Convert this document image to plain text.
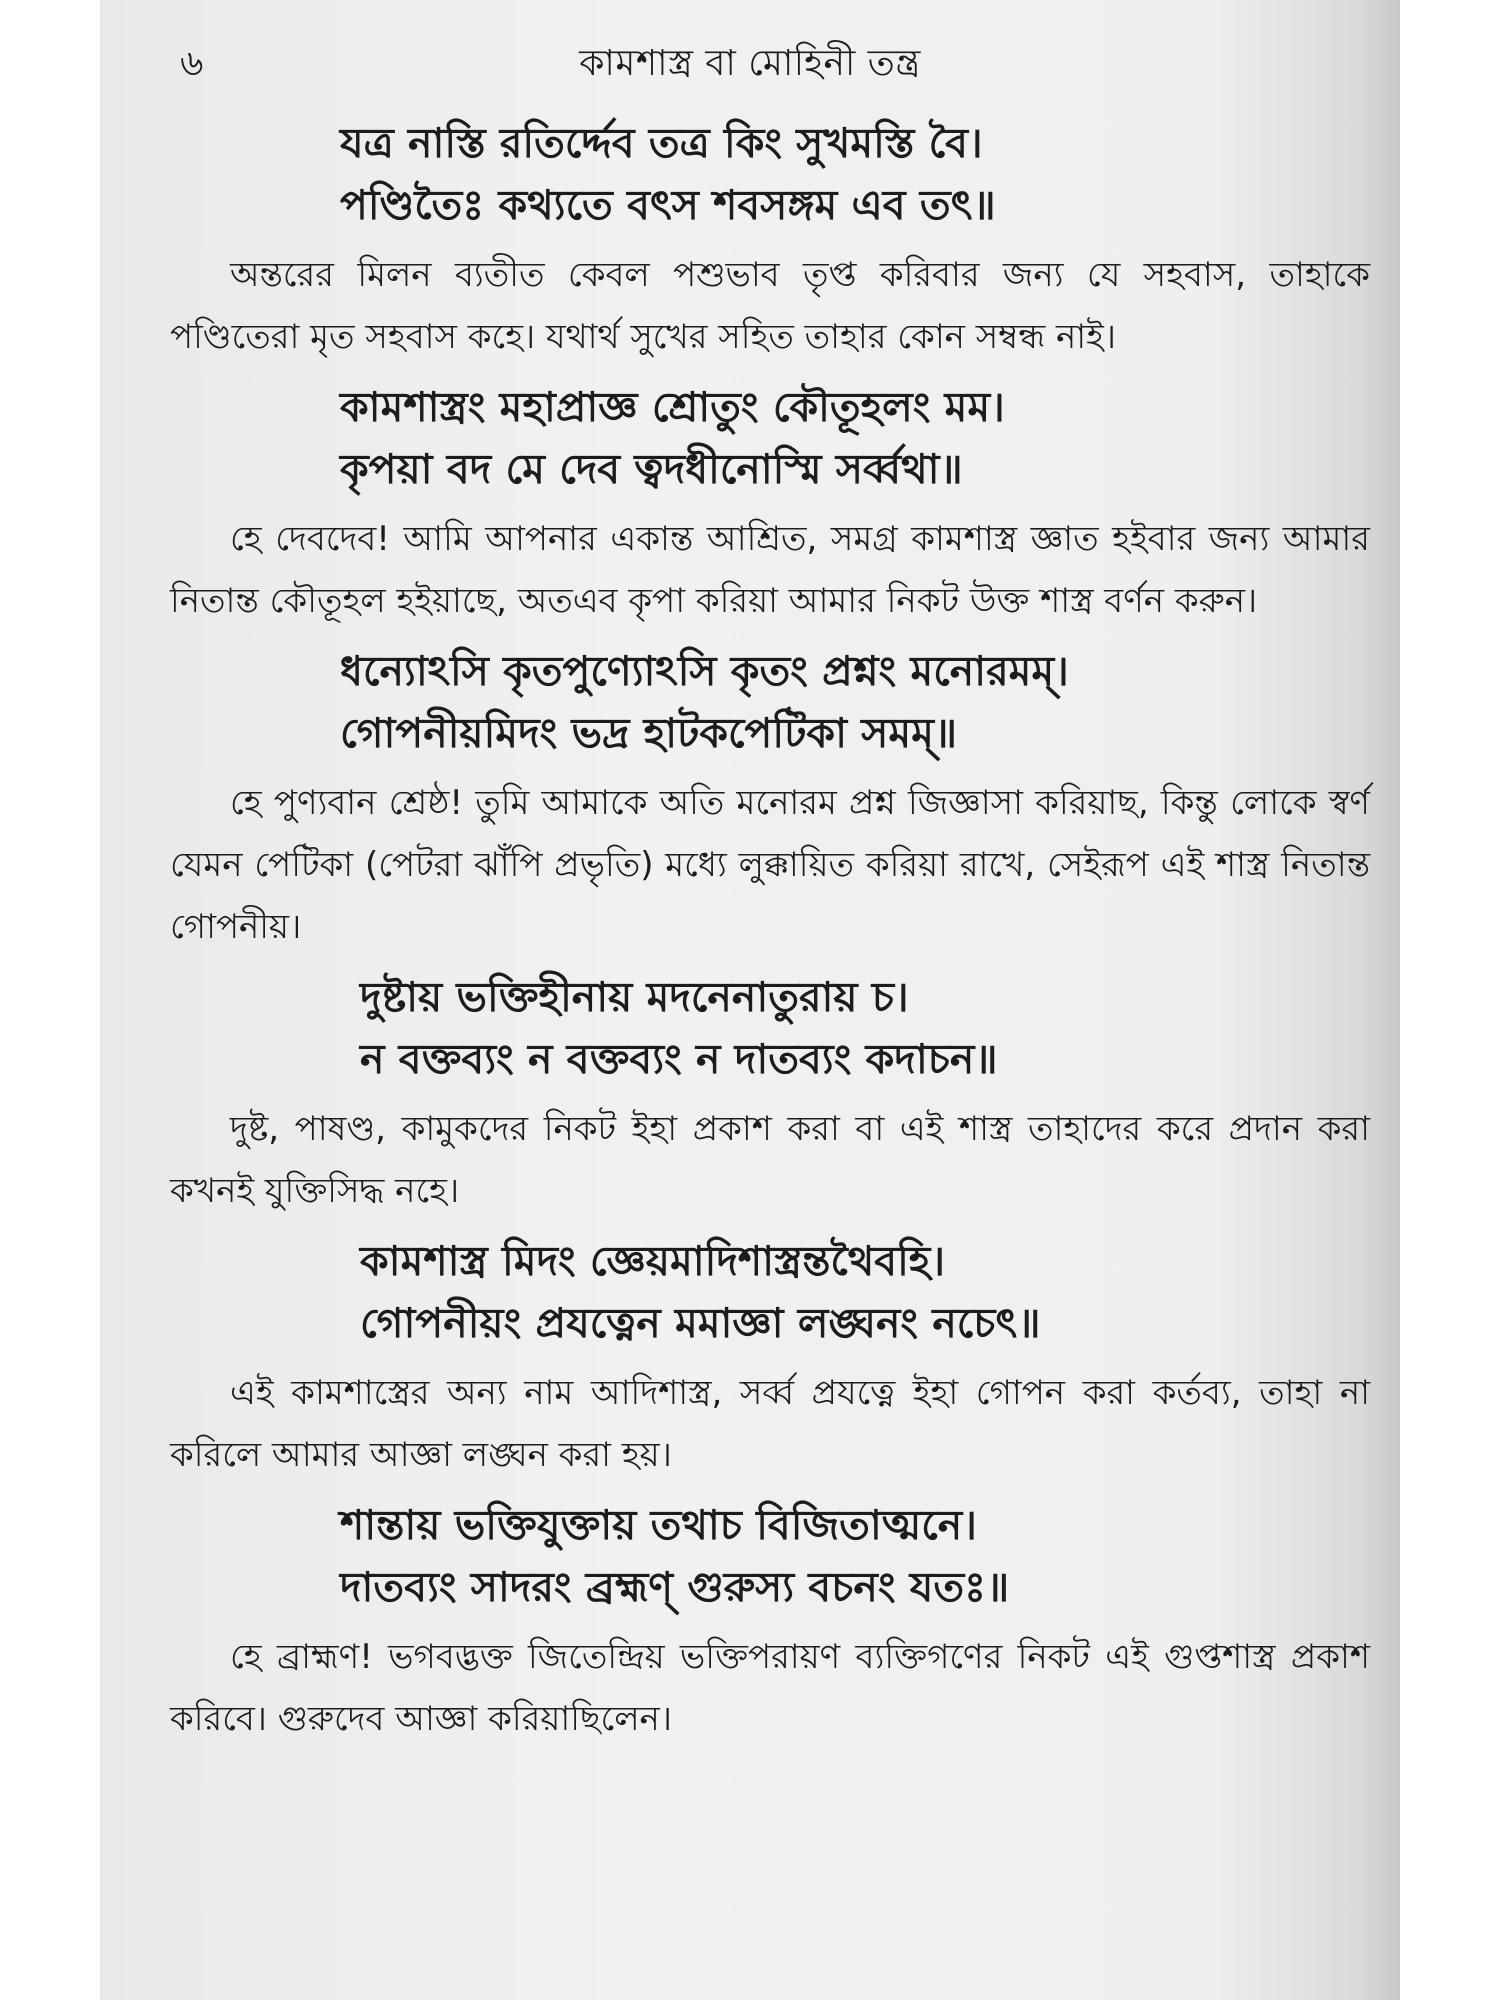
৬	কামশাস্ত্র বা মোহিনী তন্ত্র
যত্র নাস্তি রতির্দ্দেব তত্র কিং সুখমস্তি বৈ।
পণ্ডিতৈঃ কথ্যতে বৎস শবসঙ্গম এব তৎ॥

অন্তরের মিলন ব্যতীত কেবল পশুভাব তৃপ্ত করিবার জন্য যে সহবাস, তাহাকে পণ্ডিতেরা মৃত সহবাস কহে। যথার্থ সুখের সহিত তাহার কোন সম্বন্ধ নাই।

কামশাস্ত্রং মহাপ্রাজ্ঞ শ্রোতুং কৌতূহলং মম।
কৃপয়া বদ মে দেব ত্বদধীনোস্মি সর্ব্বথা॥

হে দেবদেব! আমি আপনার একান্ত আশ্রিত, সমগ্র কামশাস্ত্র জ্ঞাত হইবার জন্য আমার নিতান্ত কৌতূহল হইয়াছে, অতএব কৃপা করিয়া আমার নিকট উক্ত শাস্ত্র বর্ণন করুন।

ধন্যোঽসি কৃতপুণ্যোঽসি কৃতং প্রশ্নং মনোরমম্।
গোপনীয়মিদং ভদ্র হাটকপেটিকা সমম্॥

হে পুণ্যবান শ্রেষ্ঠ! তুমি আমাকে অতি মনোরম প্রশ্ন জিজ্ঞাসা করিয়াছ, কিন্তু লোকে স্বর্ণ যেমন পেটিকা (পেটরা ঝাঁপি প্রভৃতি) মধ্যে লুক্কায়িত করিয়া রাখে, সেইরূপ এই শাস্ত্র নিতান্ত গোপনীয়।

দুষ্টায় ভক্তিহীনায় মদনেনাতুরায় চ।
ন বক্তব্যং ন বক্তব্যং ন দাতব্যং কদাচন॥

দুষ্ট, পাষণ্ড, কামুকদের নিকট ইহা প্রকাশ করা বা এই শাস্ত্র তাহাদের করে প্রদান করা কখনই যুক্তিসিদ্ধ নহে।

কামশাস্ত্র মিদং জ্ঞেয়মাদিশাস্ত্রন্তথৈবহি।
গোপনীয়ং প্রযত্নেন মমাজ্ঞা লঙ্ঘনং নচেৎ॥

এই কামশাস্ত্রের অন্য নাম আদিশাস্ত্র, সর্ব্ব প্রযত্নে ইহা গোপন করা কর্তব্য, তাহা না করিলে আমার আজ্ঞা লঙ্ঘন করা হয়।

শান্তায় ভক্তিযুক্তায় তথাচ বিজিতাত্মনে।
দাতব্যং সাদরং ব্রহ্মণ্ গুরুস্য বচনং যতঃ॥

হে ব্রাহ্মণ! ভগবদ্ভক্ত জিতেন্দ্রিয় ভক্তিপরায়ণ ব্যক্তিগণের নিকট এই গুপ্তশাস্ত্র প্রকাশ করিবে। গুরুদেব আজ্ঞা করিয়াছিলেন।
